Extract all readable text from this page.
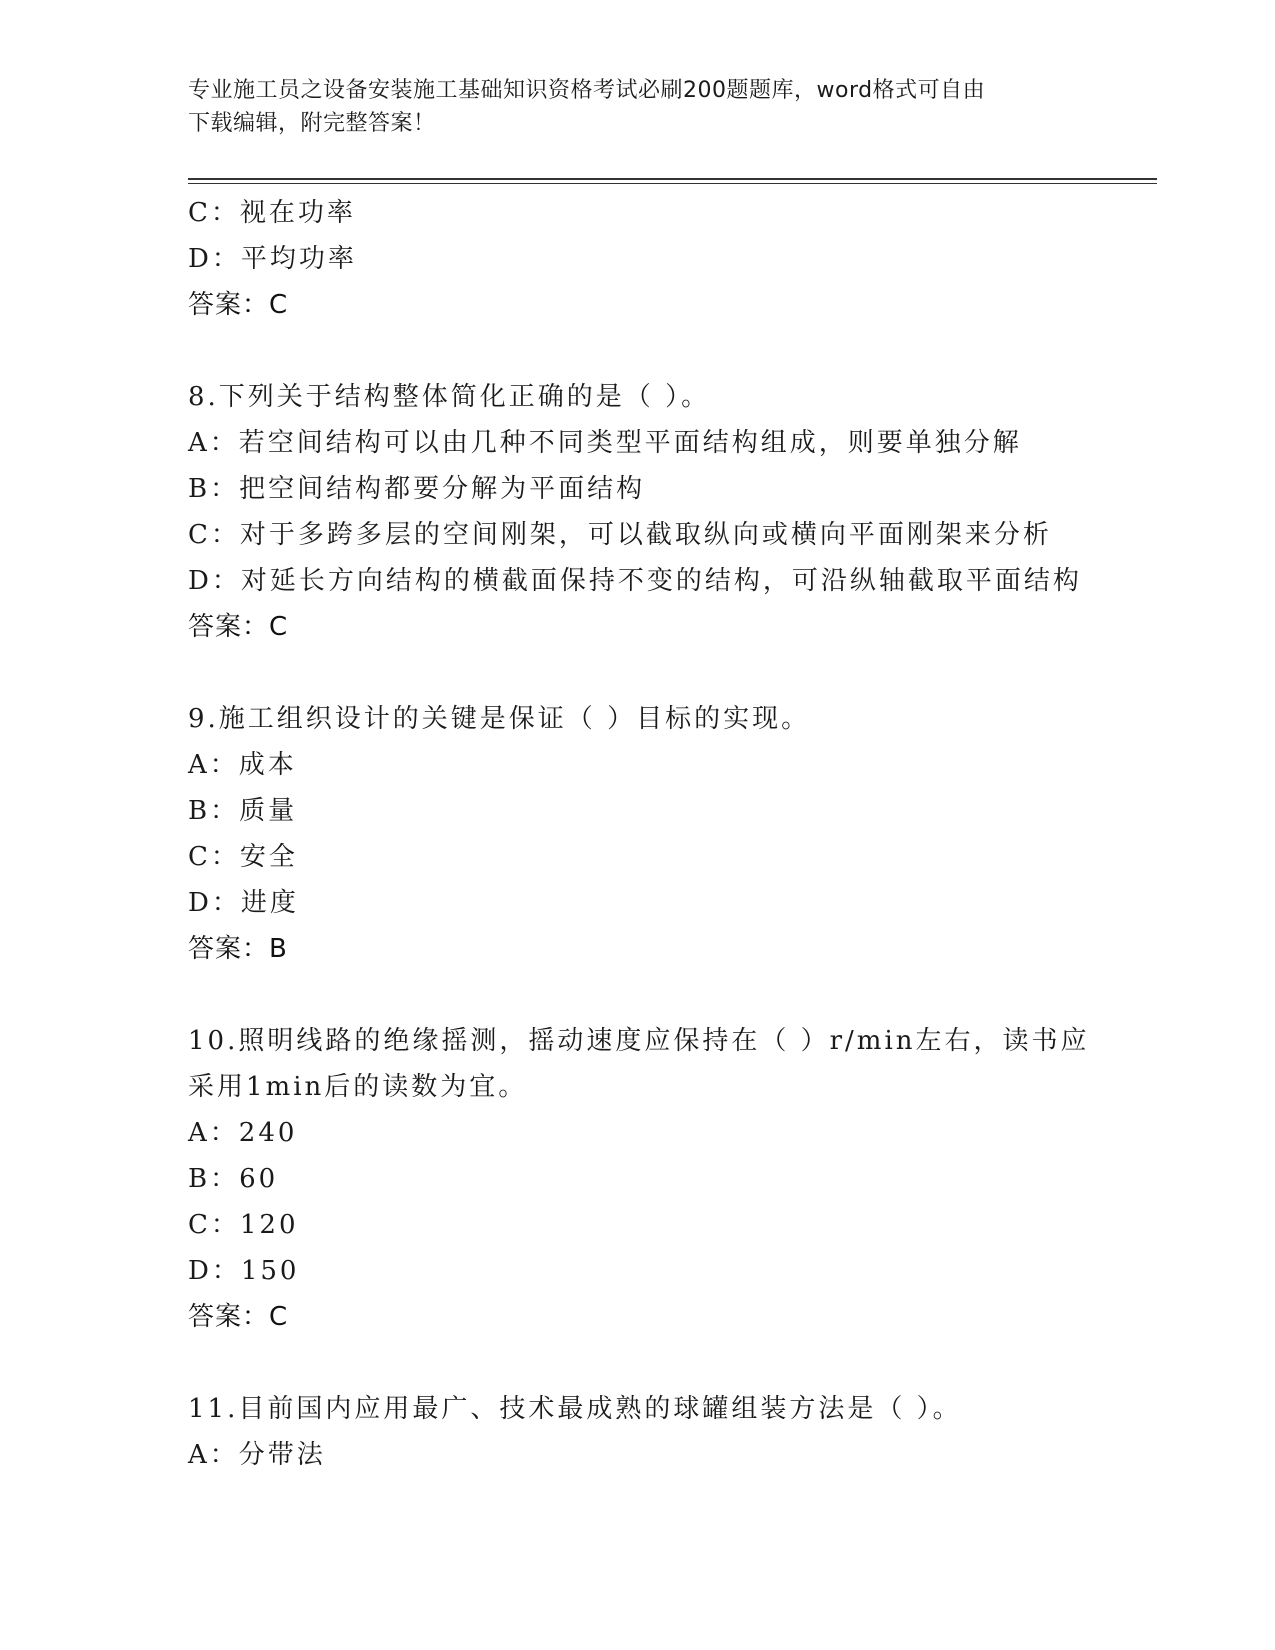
专业施工员之设备安装施工基础知识资格考试必刷200题题库，word格式可自由
下载编辑，附完整答案！
C：视在功率
D：平均功率
答案：C
8.下列关于结构整体简化正确的是（ ）。
A：若空间结构可以由几种不同类型平面结构组成，则要单独分解
B：把空间结构都要分解为平面结构
C：对于多跨多层的空间刚架，可以截取纵向或横向平面刚架来分析
D：对延长方向结构的横截面保持不变的结构，可沿纵轴截取平面结构
答案：C
9.施工组织设计的关键是保证（ ）目标的实现。
A：成本
B：质量
C：安全
D：进度
答案：B
10.照明线路的绝缘摇测，摇动速度应保持在（ ）r/min左右，读书应
采用1min后的读数为宜。
A：240
B：60
C：120
D：150
答案：C
11.目前国内应用最广、技术最成熟的球罐组装方法是（ ）。
A：分带法
